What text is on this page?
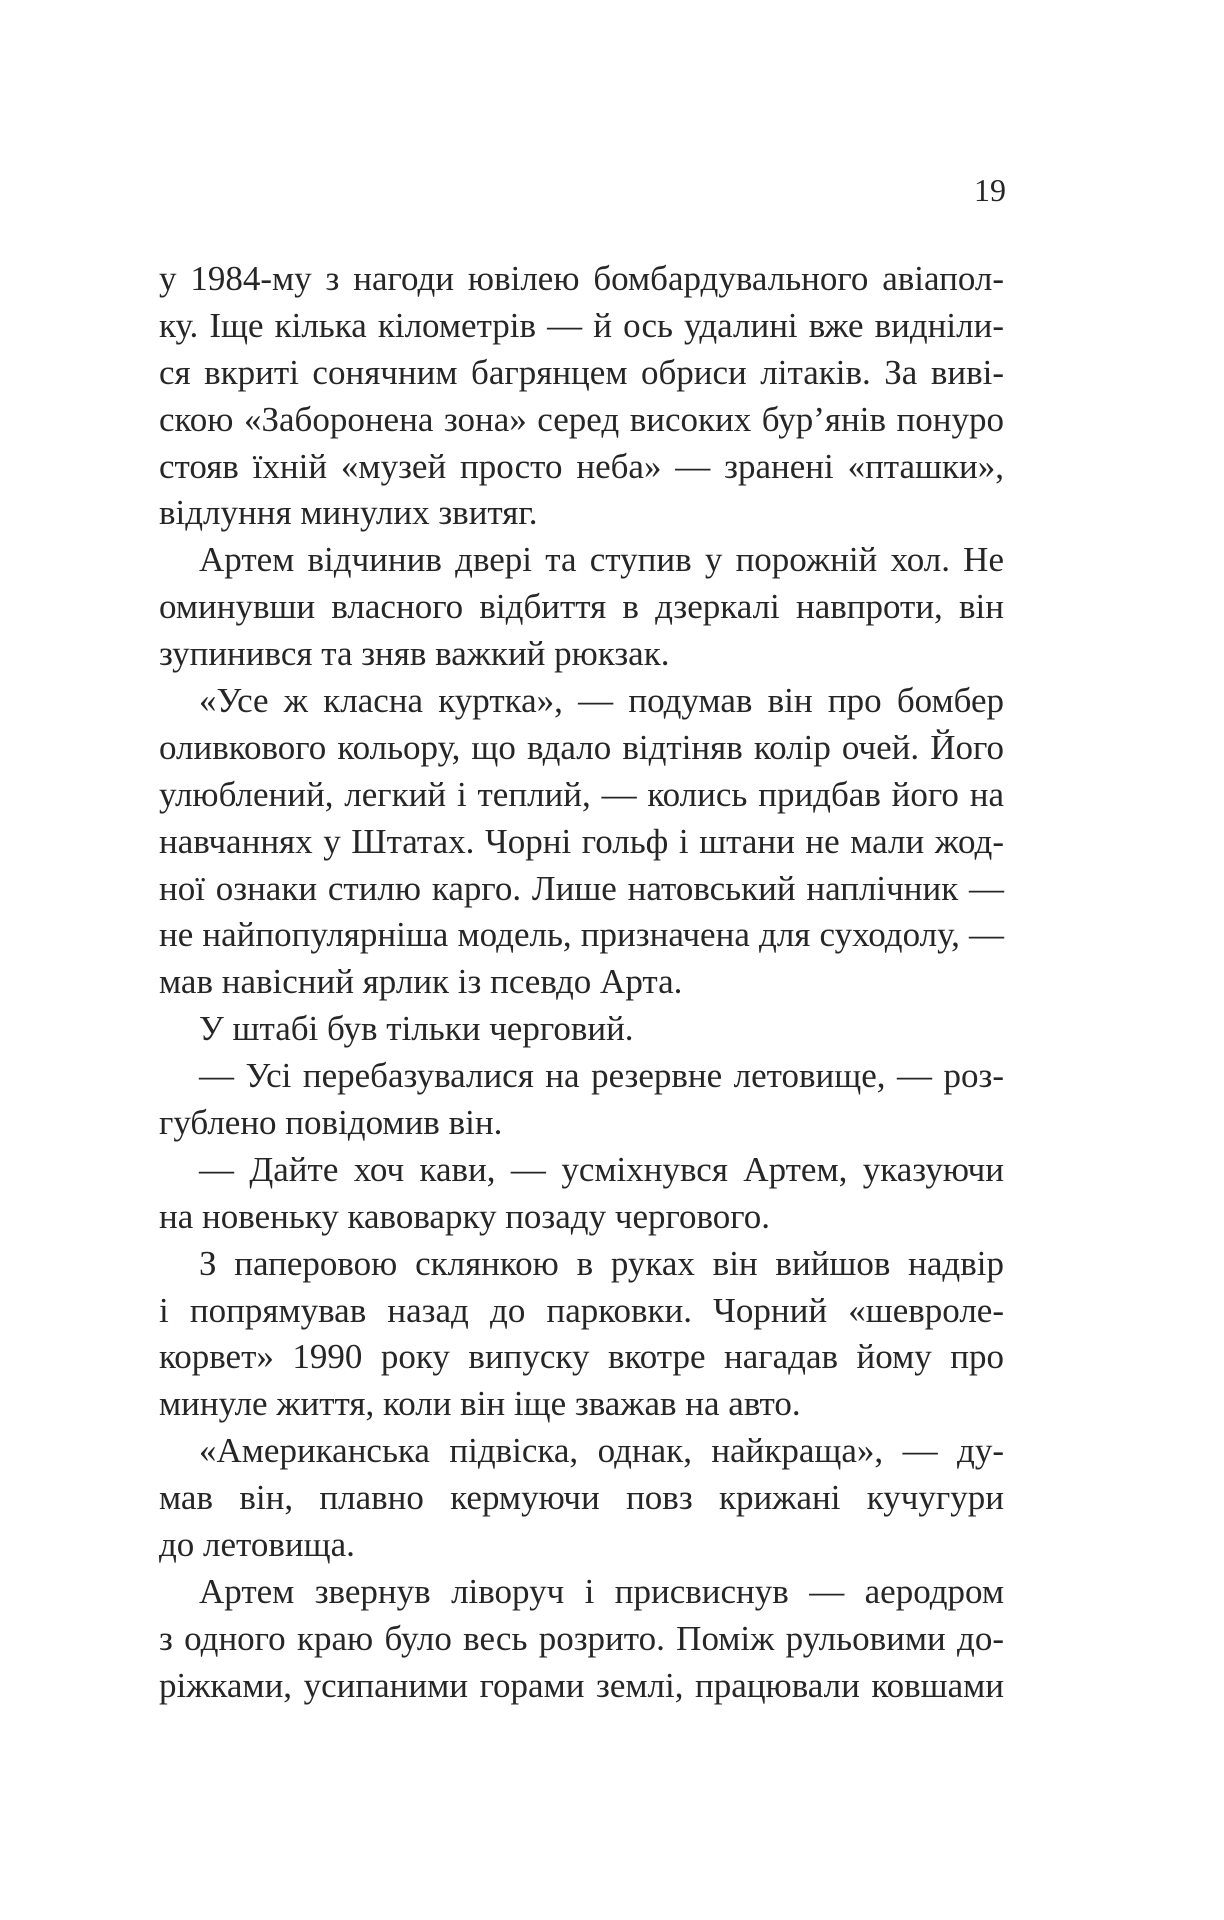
19
у 1984-му з нагоди ювілею бомбардувального авіапол-
ку. Іще кілька кілометрів — й ось удалині вже видніли-
ся вкриті сонячним багрянцем обриси літаків. За виві-
скою «Заборонена зона» серед високих бур’янів понуро
стояв їхній «музей просто неба» — зранені «пташки»,
відлуння минулих звитяг.
Артем відчинив двері та ступив у порожній хол. Не
оминувши власного відбиття в дзеркалі навпроти, він
зупинився та зняв важкий рюкзак.
«Усе ж класна куртка», — подумав він про бомбер
оливкового кольору, що вдало відтіняв колір очей. Його
улюблений, легкий і теплий, — колись придбав його на
навчаннях у Штатах. Чорні гольф і штани не мали жод-
ної ознаки стилю карго. Лише натовський наплічник —
не найпопулярніша модель, призначена для суходолу, —
мав навісний ярлик із псевдо Арта.
У штабі був тільки черговий.
— Усі перебазувалися на резервне летовище, — роз-
гублено повідомив він.
— Дайте хоч кави, — усміхнувся Артем, указуючи
на новеньку кавоварку позаду чергового.
З паперовою склянкою в руках він вийшов надвір
і попрямував назад до парковки. Чорний «шевроле-
корвет» 1990 року випуску вкотре нагадав йому про
минуле життя, коли він іще зважав на авто.
«Американська підвіска, однак, найкраща», — ду-
мав він, плавно кермуючи повз крижані кучугури
до летовища.
Артем звернув ліворуч і присвиснув — аеродром
з одного краю було весь розрито. Поміж рульовими до-
ріжками, усипаними горами землі, працювали ковшами
